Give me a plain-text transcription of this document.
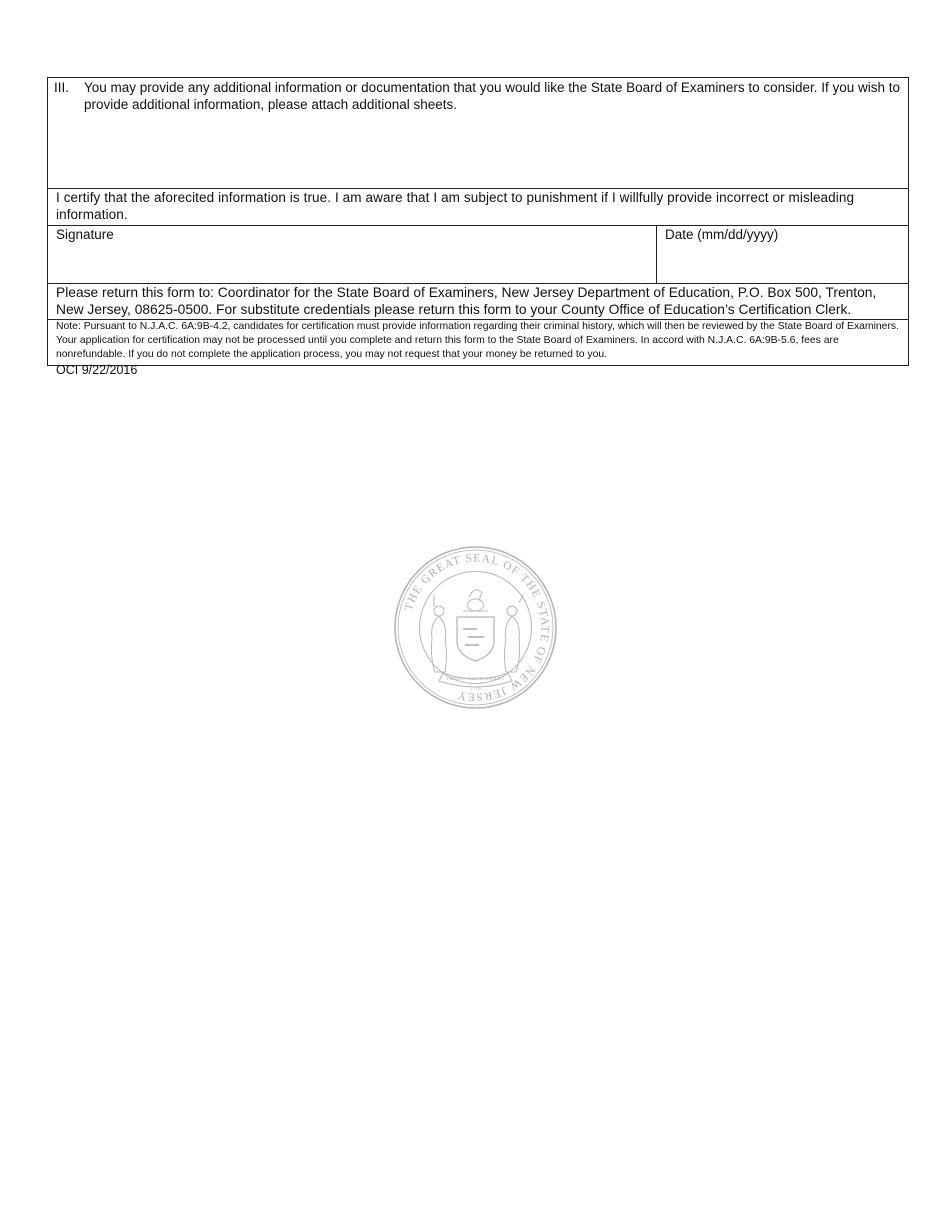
III.	You may provide any additional information or documentation that you would like the State Board of Examiners to consider. If you wish to provide additional information, please attach additional sheets.
I certify that the aforecited information is true. I am aware that I am subject to punishment if I willfully provide incorrect or misleading information.
Signature	Date (mm/dd/yyyy)
Please return this form to: Coordinator for the State Board of Examiners, New Jersey Department of Education, P.O. Box 500, Trenton, New Jersey, 08625-0500. For substitute credentials please return this form to your County Office of Education’s Certification Clerk.
Note: Pursuant to N.J.A.C. 6A:9B-4.2, candidates for certification must provide information regarding their criminal history, which will then be reviewed by the State Board of Examiners. Your application for certification may not be processed until you complete and return this form to the State Board of Examiners. In accord with N.J.A.C. 6A:9B-5.6, fees are nonrefundable. If you do not complete the application process, you may not request that your money be returned to you.
OCI 9/22/2016
THE GREAT SEAL OF THE STATE OF NEW JERSEY
LIBERTY AND PROSPERITY
1776
